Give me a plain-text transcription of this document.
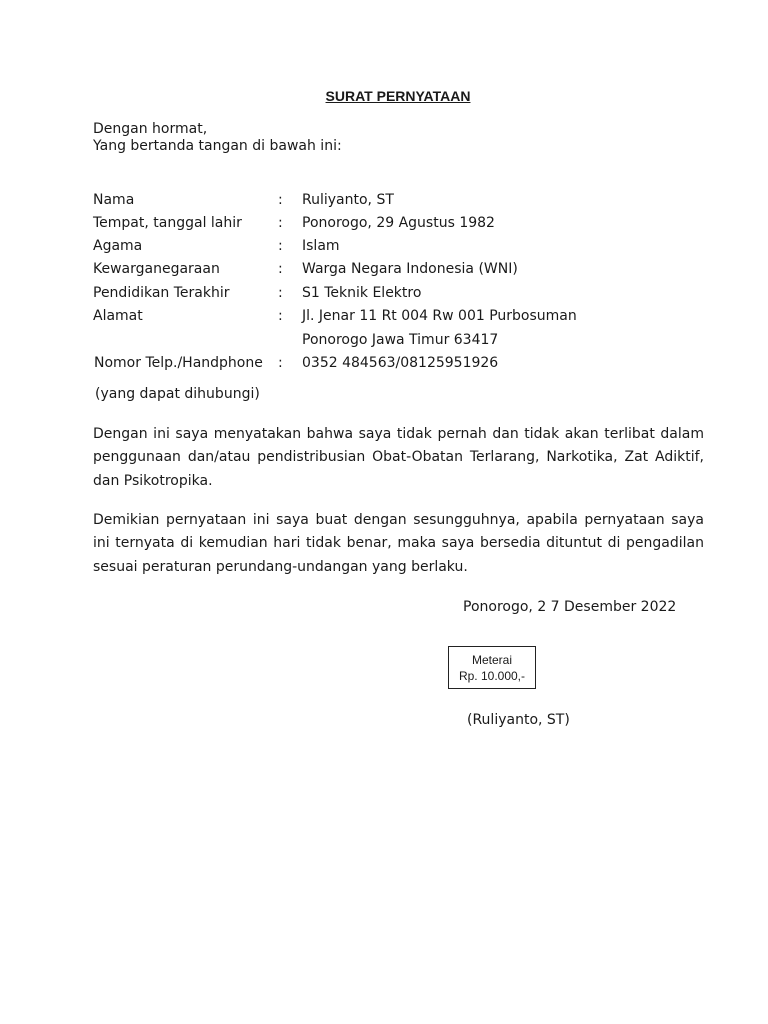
SURAT PERNYATAAN
Dengan hormat,
Yang bertanda tangan di bawah ini:
Nama	: Ruliyanto, ST
Tempat, tanggal lahir	: Ponorogo, 29 Agustus 1982
Agama	: Islam
Kewarganegaraan	: Warga Negara Indonesia (WNI)
Pendidikan Terakhir	: S1 Teknik Elektro
Alamat	: Jl. Jenar 11 Rt 004 Rw 001 Purbosuman
Ponorogo Jawa Timur 63417
Nomor Telp./Handphone : 0352 484563/08125951926
(yang dapat dihubungi)

Dengan ini saya menyatakan bahwa saya tidak pernah dan tidak akan terlibat dalam penggunaan dan/atau pendistribusian Obat-Obatan Terlarang, Narkotika, Zat Adiktif, dan Psikotropika.

Demikian pernyataan ini saya buat dengan sesungguhnya, apabila pernyataan saya ini ternyata di kemudian hari tidak benar, maka saya bersedia dituntut di pengadilan sesuai peraturan perundang-undangan yang berlaku.

Ponorogo, 2 7 Desember 2022
Meterai
Rp. 10.000,-
(Ruliyanto, ST)
